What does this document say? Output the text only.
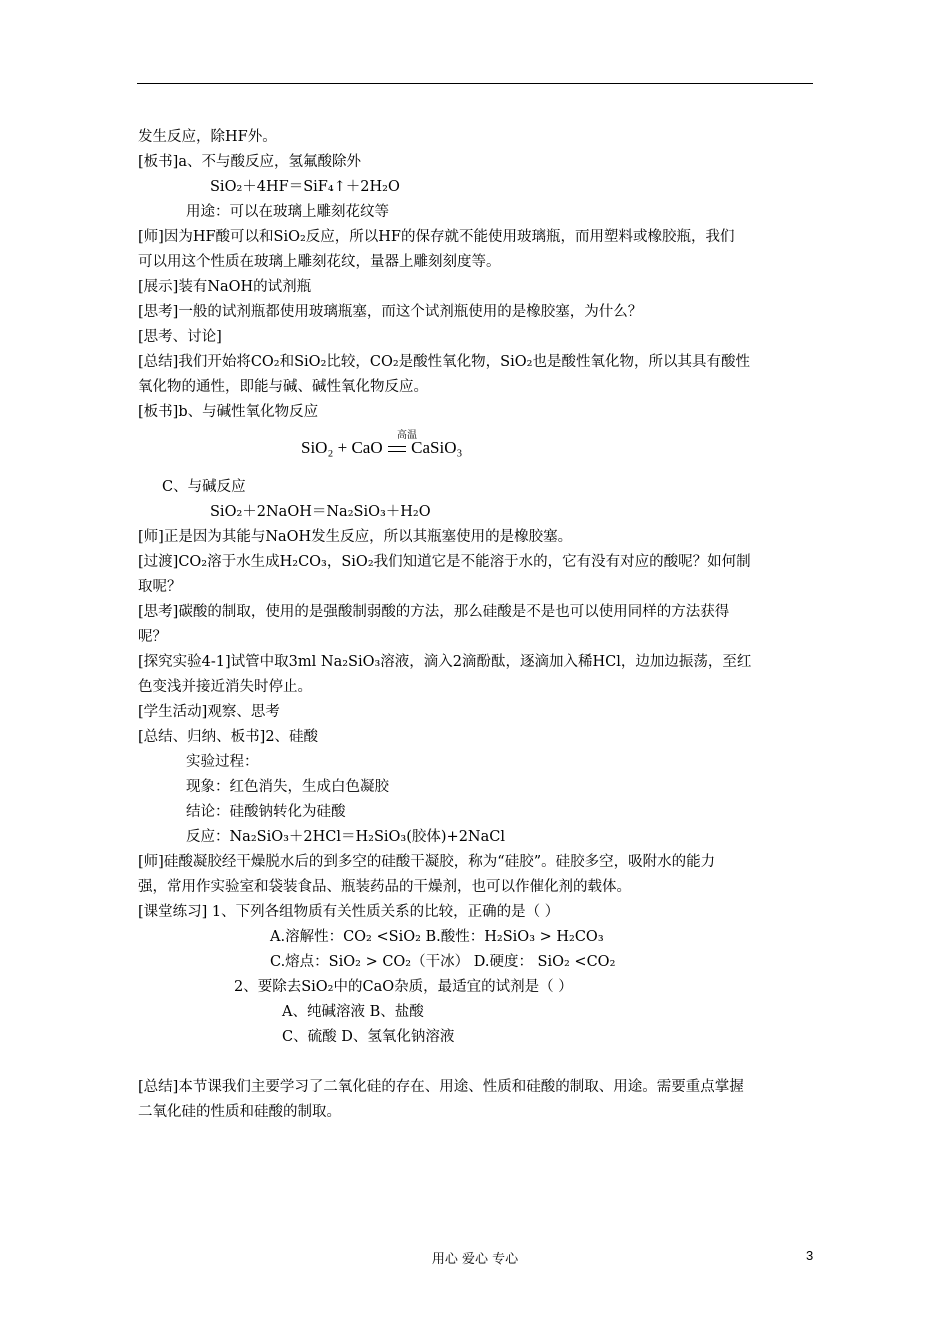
发生反应，除HF外。
[板书]a、不与酸反应，氢氟酸除外
SiO₂＋4HF＝SiF₄↑＋2H₂O
用途：可以在玻璃上雕刻花纹等
[师]因为HF酸可以和SiO₂反应，所以HF的保存就不能使用玻璃瓶，而用塑料或橡胶瓶，我们
可以用这个性质在玻璃上雕刻花纹，量器上雕刻刻度等。
[展示]装有NaOH的试剂瓶
[思考]一般的试剂瓶都使用玻璃瓶塞，而这个试剂瓶使用的是橡胶塞，为什么？
[思考、讨论]
[总结]我们开始将CO₂和SiO₂比较，CO₂是酸性氧化物，SiO₂也是酸性氧化物，所以其具有酸性
氧化物的通性，即能与碱、碱性氧化物反应。
[板书]b、与碱性氧化物反应
SiO₂ + CaO
高温
CaSiO₃
C、与碱反应
SiO₂＋2NaOH＝Na₂SiO₃＋H₂O
[师]正是因为其能与NaOH发生反应，所以其瓶塞使用的是橡胶塞。
[过渡]CO₂溶于水生成H₂CO₃，SiO₂我们知道它是不能溶于水的，它有没有对应的酸呢？如何制
取呢？
[思考]碳酸的制取，使用的是强酸制弱酸的方法，那么硅酸是不是也可以使用同样的方法获得
呢？
[探究实验4-1]试管中取3ml Na₂SiO₃溶液，滴入2滴酚酞，逐滴加入稀HCl，边加边振荡，至红
色变浅并接近消失时停止。
[学生活动]观察、思考
[总结、归纳、板书]2、硅酸
实验过程：
现象：红色消失，生成白色凝胶
结论：硅酸钠转化为硅酸
反应：Na₂SiO₃＋2HCl＝H₂SiO₃(胶体)+2NaCl
[师]硅酸凝胶经干燥脱水后的到多空的硅酸干凝胶，称为“硅胶”。硅胶多空，吸附水的能力
强，常用作实验室和袋装食品、瓶装药品的干燥剂，也可以作催化剂的载体。
[课堂练习] 1、下列各组物质有关性质关系的比较，正确的是（ ）
A.溶解性：CO₂ <SiO₂ B.酸性：H₂SiO₃ > H₂CO₃
C.熔点：SiO₂ > CO₂（干冰） D.硬度： SiO₂ <CO₂
2、要除去SiO₂中的CaO杂质，最适宜的试剂是（ ）
A、纯碱溶液 B、盐酸
C、硫酸 D、氢氧化钠溶液
[总结]本节课我们主要学习了二氧化硅的存在、用途、性质和硅酸的制取、用途。需要重点掌握
二氧化硅的性质和硅酸的制取。
用心 爱心 专心	3
